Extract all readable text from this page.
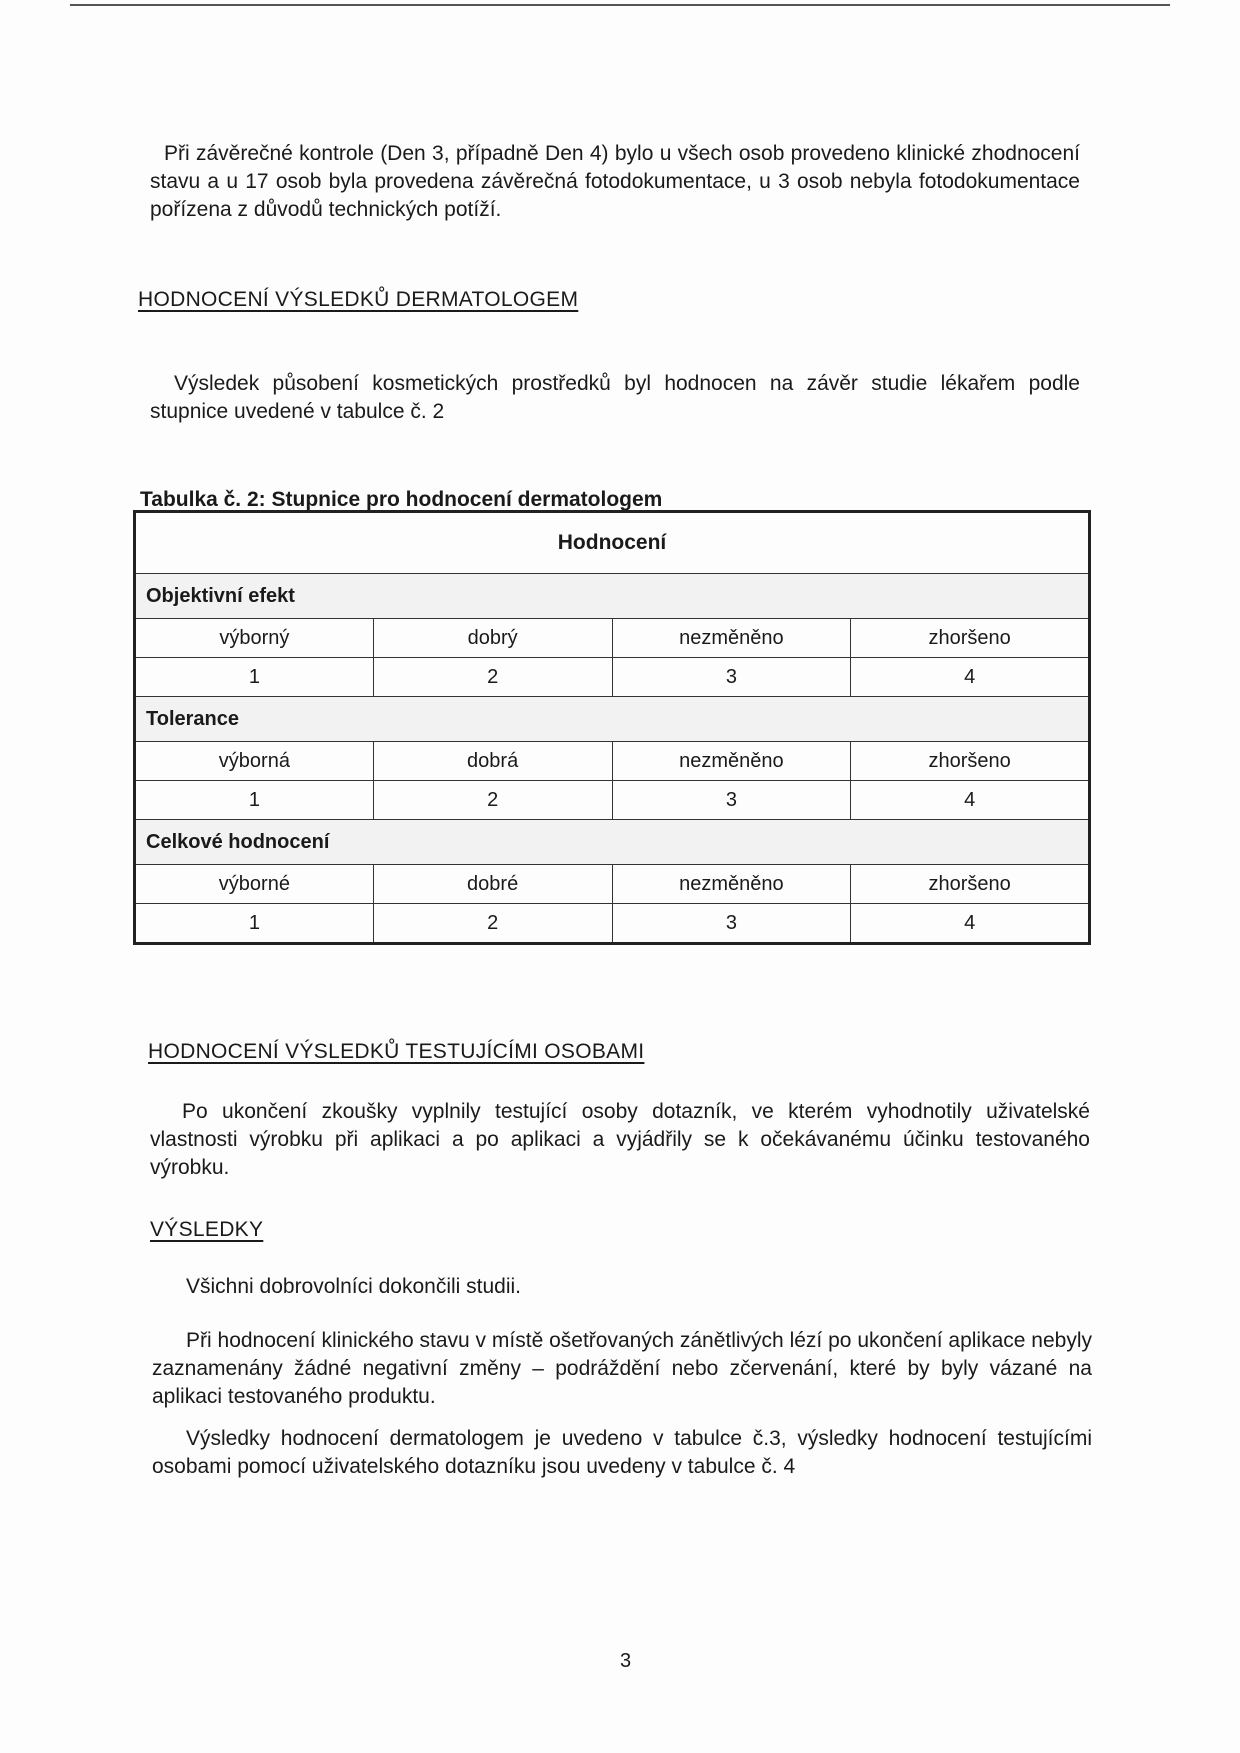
Při závěrečné kontrole (Den 3, případně Den 4) bylo u všech osob provedeno klinické zhodnocení stavu a u 17 osob byla provedena závěrečná fotodokumentace, u 3 osob nebyla fotodokumentace pořízena z důvodů technických potíží.

HODNOCENÍ VÝSLEDKŮ DERMATOLOGEM

Výsledek působení kosmetických prostředků byl hodnocen na závěr studie lékařem podle stupnice uvedené v tabulce č. 2

Tabulka č. 2: Stupnice pro hodnocení dermatologem
Hodnocení			
Objektivní efekt			
výborný	dobrý	nezměněno	zhoršeno
1	2	3	4
Tolerance			
výborná	dobrá	nezměněno	zhoršeno
1	2	3	4
Celkové hodnocení			
výborné	dobré	nezměněno	zhoršeno
1	2	3	4
HODNOCENÍ VÝSLEDKŮ TESTUJÍCÍMI OSOBAMI

Po ukončení zkoušky vyplnily testující osoby dotazník, ve kterém vyhodnotily uživatelské vlastnosti výrobku při aplikaci a po aplikaci a vyjádřily se k očekávanému účinku testovaného výrobku.

VÝSLEDKY

Všichni dobrovolníci dokončili studii.

Při hodnocení klinického stavu v místě ošetřovaných zánětlivých lézí po ukončení aplikace nebyly zaznamenány žádné negativní změny – podráždění nebo zčervenání, které by byly vázané na aplikaci testovaného produktu.

Výsledky hodnocení dermatologem je uvedeno v tabulce č.3, výsledky hodnocení testujícími osobami pomocí uživatelského dotazníku jsou uvedeny v tabulce č. 4

3
